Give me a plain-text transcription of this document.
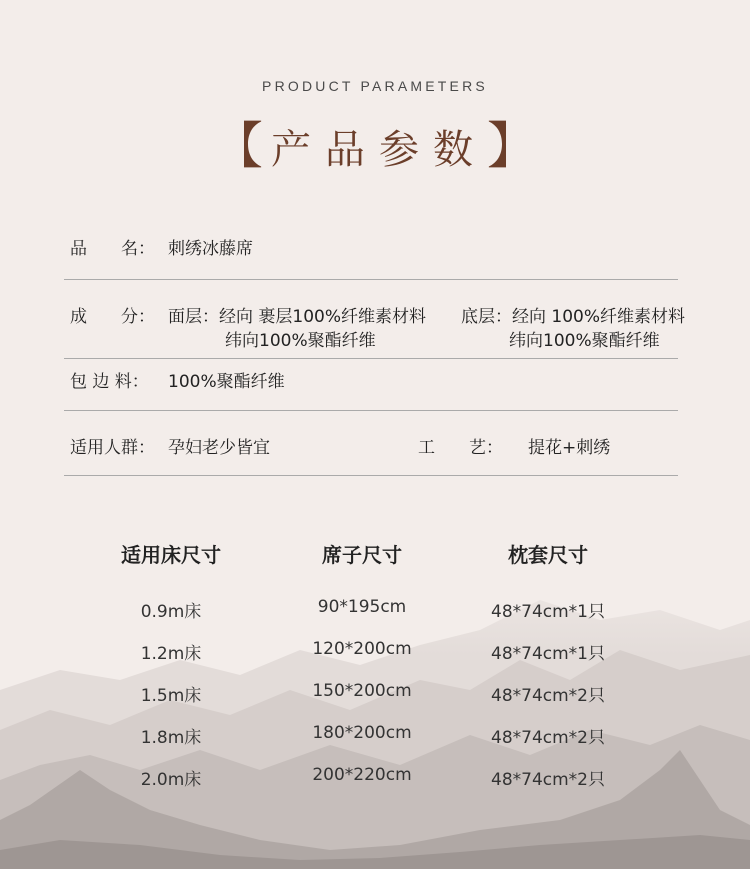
PRODUCT PARAMETERS
【 产品参数 】
品　　名： 刺绣冰藤席
成　　分： 面层：经向 裹层100%纤维素材料
纬向100%聚酯纤维
底层：经向 100%纤维素材料
纬向100%聚酯纤维
包 边 料： 100%聚酯纤维
适用人群： 孕妇老少皆宜	工　　艺： 提花+刺绣
适用床尺寸	席子尺寸	枕套尺寸
0.9m床	90*195cm	48*74cm*1只
1.2m床	120*200cm	48*74cm*1只
1.5m床	150*200cm	48*74cm*2只
1.8m床	180*200cm	48*74cm*2只
2.0m床	200*220cm	48*74cm*2只
